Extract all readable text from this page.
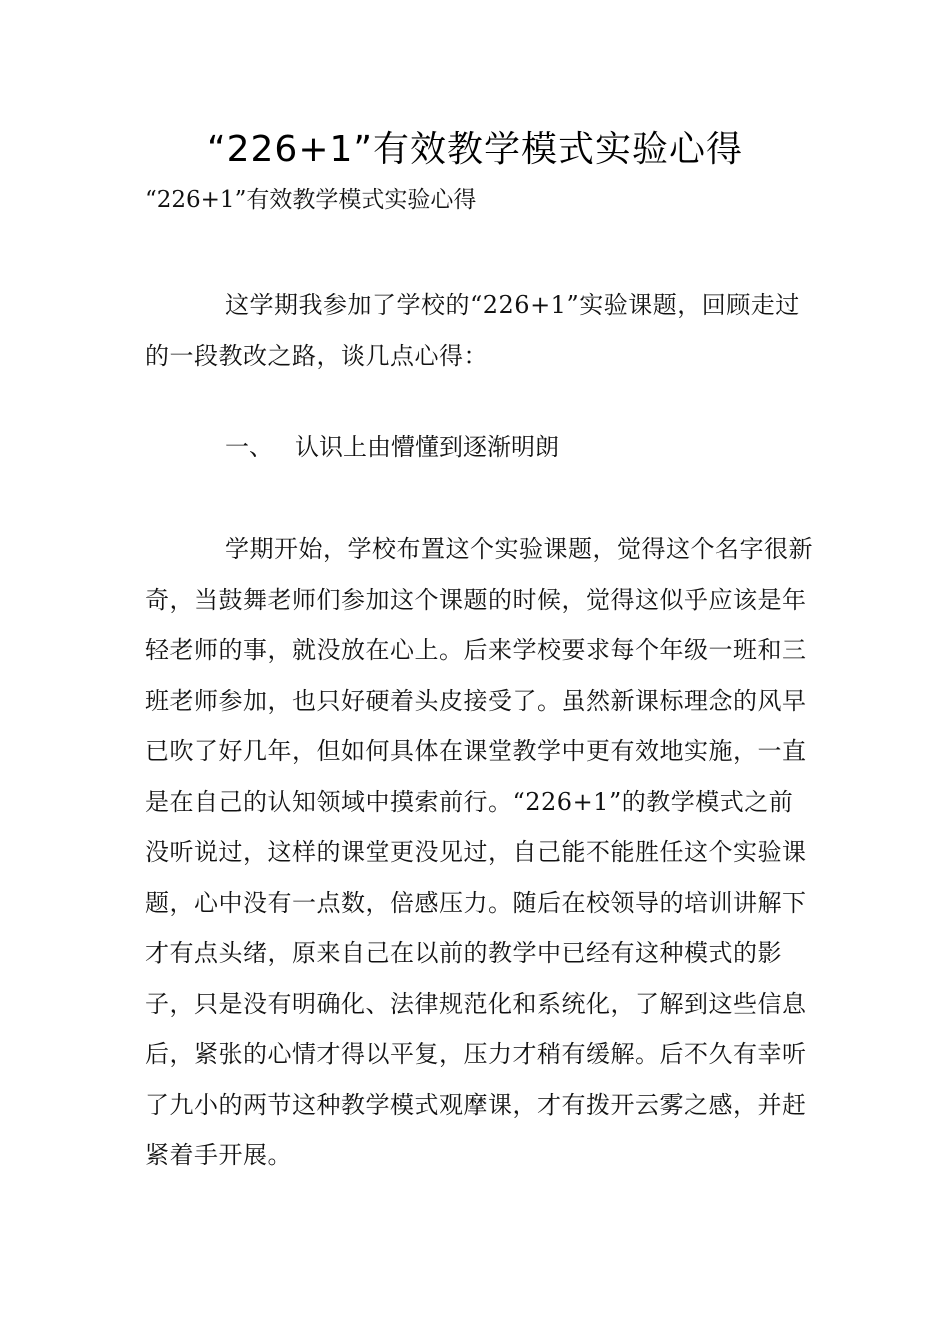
“226+1”有效教学模式实验心得

“226+1”有效教学模式实验心得

这学期我参加了学校的“226+1”实验课题，回顾走过的一段教改之路，谈几点心得：

一、 认识上由懵懂到逐渐明朗

学期开始，学校布置这个实验课题，觉得这个名字很新奇，当鼓舞老师们参加这个课题的时候，觉得这似乎应该是年轻老师的事，就没放在心上。后来学校要求每个年级一班和三班老师参加，也只好硬着头皮接受了。虽然新课标理念的风早已吹了好几年，但如何具体在课堂教学中更有效地实施，一直是在自己的认知领域中摸索前行。“226+1”的教学模式之前没听说过，这样的课堂更没见过，自己能不能胜任这个实验课题，心中没有一点数，倍感压力。随后在校领导的培训讲解下才有点头绪，原来自己在以前的教学中已经有这种模式的影子，只是没有明确化、法律规范化和系统化，了解到这些信息后，紧张的心情才得以平复，压力才稍有缓解。后不久有幸听了九小的两节这种教学模式观摩课，才有拨开云雾之感，并赶紧着手开展。
